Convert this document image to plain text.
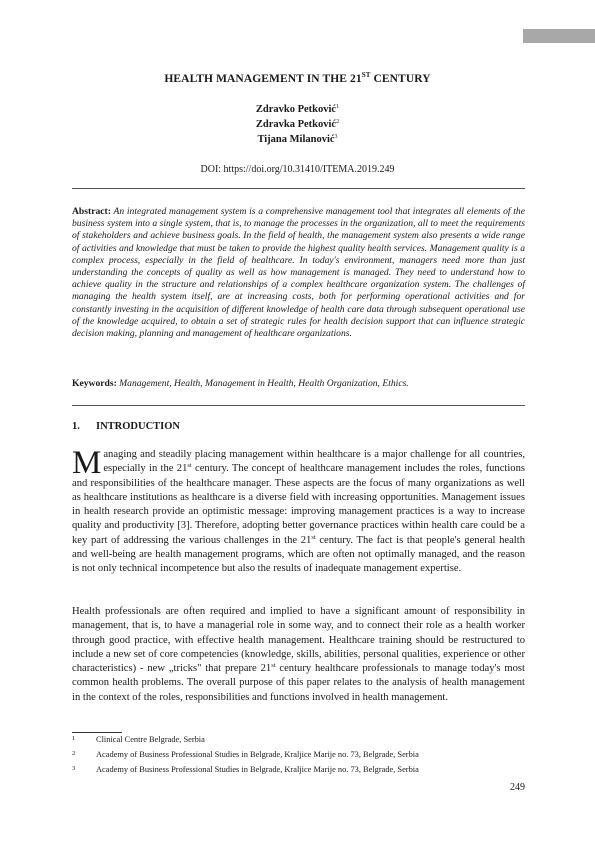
HEALTH MANAGEMENT IN THE 21ST CENTURY
Zdravko Petković$^1$
Zdravka Petković$^2$
Tijana Milanović$^3$
DOI: https://doi.org/10.31410/ITEMA.2019.249
Abstract: An integrated management system is a comprehensive management tool that integrates all elements of the business system into a single system, that is, to manage the processes in the organization, all to meet the requirements of stakeholders and achieve business goals. In the field of health, the management system also presents a wide range of activities and knowledge that must be taken to provide the highest quality health services. Management quality is a complex process, especially in the field of healthcare. In today's environment, managers need more than just understanding the concepts of quality as well as how management is managed. They need to understand how to achieve quality in the structure and relationships of a complex healthcare organization system. The challenges of managing the health system itself, are at increasing costs, both for performing operational activities and for constantly investing in the acquisition of different knowledge of health care data through subsequent operational use of the knowledge acquired, to obtain a set of strategic rules for health decision support that can influence strategic decision making, planning and management of healthcare organizations.
Keywords: Management, Health, Management in Health, Health Organization, Ethics.
1. INTRODUCTION

Managing and steadily placing management within healthcare is a major challenge for all countries, especially in the 21st century. The concept of healthcare management includes the roles, functions and responsibilities of the healthcare manager. These aspects are the focus of many organizations as well as healthcare institutions as healthcare is a diverse field with increasing opportunities. Management issues in health research provide an optimistic message: improving management practices is a way to increase quality and productivity [3]. Therefore, adopting better governance practices within health care could be a key part of addressing the various challenges in the 21st century. The fact is that people's general health and well-being are health management programs, which are often not optimally managed, and the reason is not only technical incompetence but also the results of inadequate management expertise.

Health professionals are often required and implied to have a significant amount of responsibility in management, that is, to have a managerial role in some way, and to connect their role as a health worker through good practice, with effective health management. Healthcare training should be restructured to include a new set of core competencies (knowledge, skills, abilities, personal qualities, experience or other characteristics) - new „tricks" that prepare 21st century healthcare professionals to manage today's most common health problems. The overall purpose of this paper relates to the analysis of health management in the context of the roles, responsibilities and functions involved in health management.

1 Clinical Centre Belgrade, Serbia
2 Academy of Business Professional Studies in Belgrade, Kraljice Marije no. 73, Belgrade, Serbia
3 Academy of Business Professional Studies in Belgrade, Kraljice Marije no. 73, Belgrade, Serbia
249
